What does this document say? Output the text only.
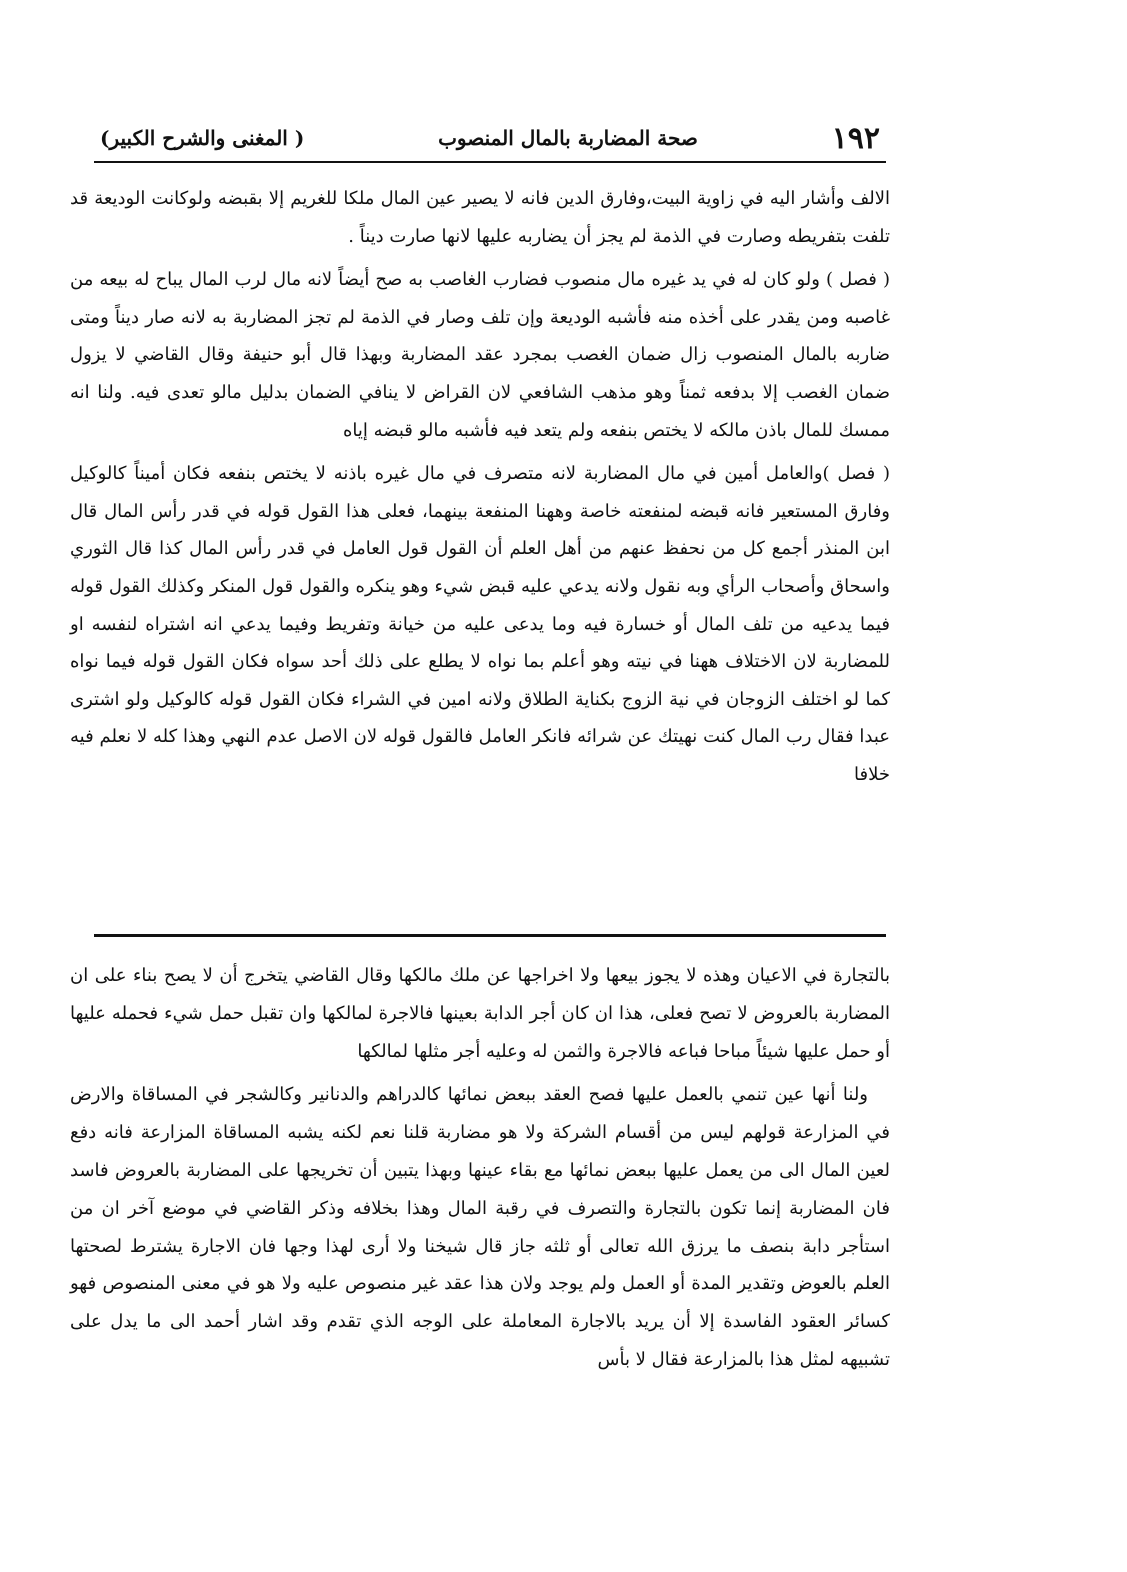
١٩٢
صحة المضاربة بالمال المنصوب
( المغنى والشرح الكبير)

الالف وأشار اليه في زاوية البيت،وفارق الدين فانه لا يصير عين المال ملكا للغريم إلا بقبضه ولوكانت الوديعة قد تلفت بتفريطه وصارت في الذمة لم يجز أن يضاربه عليها لانها صارت ديناً .

( فصل ) ولو كان له في يد غيره مال منصوب فضارب الغاصب به صح أيضاً لانه مال لرب المال يباح له بيعه من غاصبه ومن يقدر على أخذه منه فأشبه الوديعة وإن تلف وصار في الذمة لم تجز المضاربة به لانه صار ديناً ومتى ضاربه بالمال المنصوب زال ضمان الغصب بمجرد عقد المضاربة وبهذا قال أبو حنيفة وقال القاضي لا يزول ضمان الغصب إلا بدفعه ثمناً وهو مذهب الشافعي لان القراض لا ينافي الضمان بدليل مالو تعدى فيه. ولنا انه ممسك للمال باذن مالكه لا يختص بنفعه ولم يتعد فيه فأشبه مالو قبضه إياه

( فصل )والعامل أمين في مال المضاربة لانه متصرف في مال غيره باذنه لا يختص بنفعه فكان أميناً كالوكيل وفارق المستعير فانه قبضه لمنفعته خاصة وههنا المنفعة بينهما، فعلى هذا القول قوله في قدر رأس المال قال ابن المنذر أجمع كل من نحفظ عنهم من أهل العلم أن القول قول العامل في قدر رأس المال كذا قال الثوري واسحاق وأصحاب الرأي وبه نقول ولانه يدعي عليه قبض شيء وهو ينكره والقول قول المنكر وكذلك القول قوله فيما يدعيه من تلف المال أو خسارة فيه وما يدعى عليه من خيانة وتفريط وفيما يدعي انه اشتراه لنفسه او للمضاربة لان الاختلاف ههنا في نيته وهو أعلم بما نواه لا يطلع على ذلك أحد سواه فكان القول قوله فيما نواه كما لو اختلف الزوجان في نية الزوج بكناية الطلاق ولانه امين في الشراء فكان القول قوله كالوكيل ولو اشترى عبدا فقال رب المال كنت نهيتك عن شرائه فانكر العامل فالقول قوله لان الاصل عدم النهي وهذا كله لا نعلم فيه خلافا

بالتجارة في الاعيان وهذه لا يجوز بيعها ولا اخراجها عن ملك مالكها وقال القاضي يتخرج أن لا يصح بناء على ان المضاربة بالعروض لا تصح فعلى، هذا ان كان أجر الدابة بعينها فالاجرة لمالكها وان تقبل حمل شيء فحمله عليها أو حمل عليها شيئاً مباحا فباعه فالاجرة والثمن له وعليه أجر مثلها لمالكها

ولنا أنها عين تنمي بالعمل عليها فصح العقد ببعض نمائها كالدراهم والدنانير وكالشجر في المساقاة والارض في المزارعة قولهم ليس من أقسام الشركة ولا هو مضاربة قلنا نعم لكنه يشبه المساقاة المزارعة فانه دفع لعين المال الى من يعمل عليها ببعض نمائها مع بقاء عينها وبهذا يتبين أن تخريجها على المضاربة بالعروض فاسد فان المضاربة إنما تكون بالتجارة والتصرف في رقبة المال وهذا بخلافه وذكر القاضي في موضع آخر ان من استأجر دابة بنصف ما يرزق الله تعالى أو ثلثه جاز قال شيخنا ولا أرى لهذا وجها فان الاجارة يشترط لصحتها العلم بالعوض وتقدير المدة أو العمل ولم يوجد ولان هذا عقد غير منصوص عليه ولا هو في معنى المنصوص فهو كسائر العقود الفاسدة إلا أن يريد بالاجارة المعاملة على الوجه الذي تقدم وقد اشار أحمد الى ما يدل على تشبيهه لمثل هذا بالمزارعة فقال لا بأس
